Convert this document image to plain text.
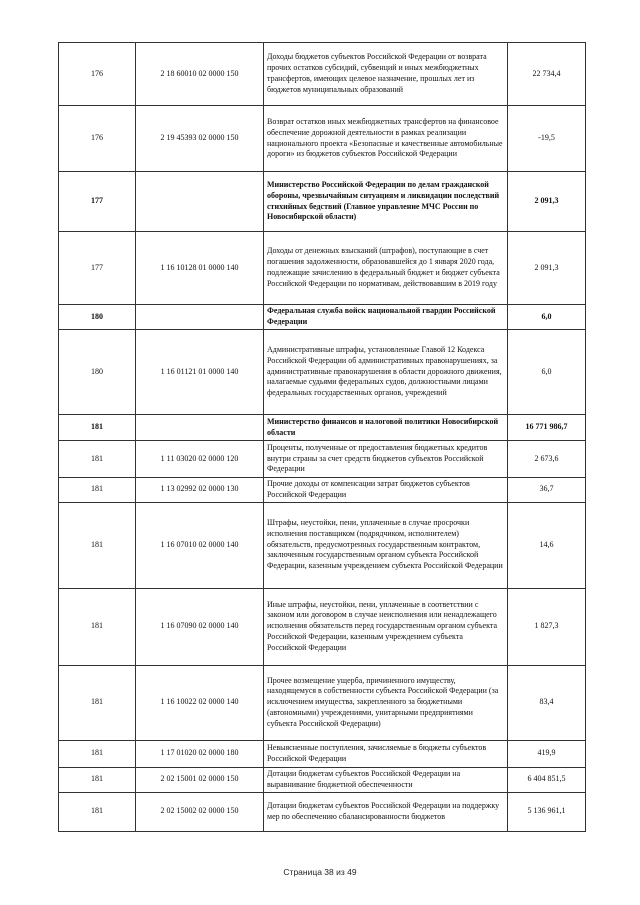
176	2 18 60010 02 0000 150	Доходы бюджетов субъектов Российской Федерации от возврата прочих остатков субсидий, субвенций и иных межбюджетных трансфертов, имеющих целевое назначение, прошлых лет из бюджетов муниципальных образований	22 734,4
176	2 19 45393 02 0000 150	Возврат остатков иных межбюджетных трансфертов на финансовое обеспечение дорожной деятельности в рамках реализации национального проекта «Безопасные и качественные автомобильные дороги» из бюджетов субъектов Российской Федерации	-19,5
177		Министерство Российской Федерации по делам гражданской обороны, чрезвычайным ситуациям и ликвидации последствий стихийных бедствий (Главное управление МЧС России по Новосибирской области)	2 091,3
177	1 16 10128 01 0000 140	Доходы от денежных взысканий (штрафов), поступающие в счет погашения задолженности, образовавшейся до 1 января 2020 года, подлежащие зачислению в федеральный бюджет и бюджет субъекта Российской Федерации по нормативам, действовавшим в 2019 году	2 091,3
180		Федеральная служба войск национальной гвардии Российской Федерации	6,0
180	1 16 01121 01 0000 140	Административные штрафы, установленные Главой 12 Кодекса Российской Федерации об административных правонарушениях, за административные правонарушения в области дорожного движения, налагаемые судьями федеральных судов, должностными лицами федеральных государственных органов, учреждений	6,0
181		Министерство финансов и налоговой политики Новосибирской области	16 771 986,7
181	1 11 03020 02 0000 120	Проценты, полученные от предоставления бюджетных кредитов внутри страны за счет средств бюджетов субъектов Российской Федерации	2 673,6
181	1 13 02992 02 0000 130	Прочие доходы от компенсации затрат бюджетов субъектов Российской Федерации	36,7
181	1 16 07010 02 0000 140	Штрафы, неустойки, пени, уплаченные в случае просрочки исполнения поставщиком (подрядчиком, исполнителем) обязательств, предусмотренных государственным контрактом, заключенным государственным органом субъекта Российской Федерации, казенным учреждением субъекта Российской Федерации	14,6
181	1 16 07090 02 0000 140	Иные штрафы, неустойки, пени, уплаченные в соответствии с законом или договором в случае неисполнения или ненадлежащего исполнения обязательств перед государственным органом субъекта Российской Федерации, казенным учреждением субъекта Российской Федерации	1 827,3
181	1 16 10022 02 0000 140	Прочее возмещение ущерба, причиненного имуществу, находящемуся в собственности субъекта Российской Федерации (за исключением имущества, закрепленного за бюджетными (автономными) учреждениями, унитарными предприятиями субъекта Российской Федерации)	83,4
181	1 17 01020 02 0000 180	Невыясненные поступления, зачисляемые в бюджеты субъектов Российской Федерации	419,9
181	2 02 15001 02 0000 150	Дотации бюджетам субъектов Российской Федерации на выравнивание бюджетной обеспеченности	6 404 851,5
181	2 02 15002 02 0000 150	Дотации бюджетам субъектов Российской Федерации на поддержку мер по обеспечению сбалансированности бюджетов	5 136 961,1
Страница 38 из 49
